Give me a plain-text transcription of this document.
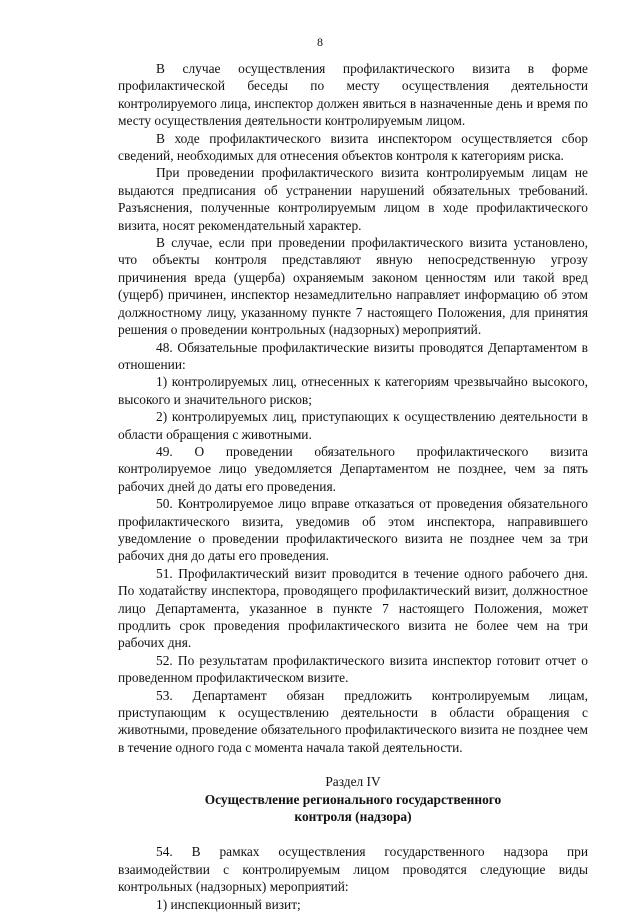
8

В случае осуществления профилактического визита в форме профилактической беседы по месту осуществления деятельности контролируемого лица, инспектор должен явиться в назначенные день и время по месту осуществления деятельности контролируемым лицом.

В ходе профилактического визита инспектором осуществляется сбор сведений, необходимых для отнесения объектов контроля к категориям риска.

При проведении профилактического визита контролируемым лицам не выдаются предписания об устранении нарушений обязательных требований. Разъяснения, полученные контролируемым лицом в ходе профилактического визита, носят рекомендательный характер.

В случае, если при проведении профилактического визита установлено, что объекты контроля представляют явную непосредственную угрозу причинения вреда (ущерба) охраняемым законом ценностям или такой вред (ущерб) причинен, инспектор незамедлительно направляет информацию об этом должностному лицу, указанному пункте 7 настоящего Положения, для принятия решения о проведении контрольных (надзорных) мероприятий.

48. Обязательные профилактические визиты проводятся Департаментом в отношении:

1) контролируемых лиц, отнесенных к категориям чрезвычайно высокого, высокого и значительного рисков;

2) контролируемых лиц, приступающих к осуществлению деятельности в области обращения с животными.

49. О проведении обязательного профилактического визита контролируемое лицо уведомляется Департаментом не позднее, чем за пять рабочих дней до даты его проведения.

50. Контролируемое лицо вправе отказаться от проведения обязательного профилактического визита, уведомив об этом инспектора, направившего уведомление о проведении профилактического визита не позднее чем за три рабочих дня до даты его проведения.

51. Профилактический визит проводится в течение одного рабочего дня. По ходатайству инспектора, проводящего профилактический визит, должностное лицо Департамента, указанное в пункте 7 настоящего Положения, может продлить срок проведения профилактического визита не более чем на три рабочих дня.

52. По результатам профилактического визита инспектор готовит отчет о проведенном профилактическом визите.

53. Департамент обязан предложить контролируемым лицам, приступающим к осуществлению деятельности в области обращения с животными, проведение обязательного профилактического визита не позднее чем в течение одного года с момента начала такой деятельности.

Раздел IV
Осуществление регионального государственного контроля (надзора)

54. В рамках осуществления государственного надзора при взаимодействии с контролируемым лицом проводятся следующие виды контрольных (надзорных) мероприятий:

1) инспекционный визит;
